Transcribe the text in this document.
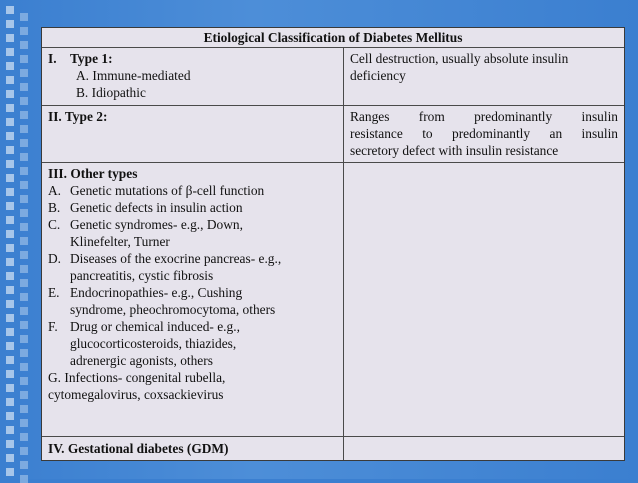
Etiological Classification of Diabetes Mellitus
I.	Type 1:
A. Immune-mediated
B. Idiopathic
Cell destruction, usually absolute insulin deficiency
II. Type 2:	Ranges from predominantly insulin
resistance to predominantly an insulin
secretory defect with insulin resistance
III. Other types
A. Genetic mutations of β-cell function
B. Genetic defects in insulin action
C. Genetic syndromes- e.g., Down,
Klinefelter, Turner
D. Diseases of the exocrine pancreas- e.g.,
pancreatitis, cystic fibrosis
E. Endocrinopathies- e.g., Cushing
syndrome, pheochromocytoma, others
F. Drug or chemical induced- e.g.,
glucocorticosteroids, thiazides,
adrenergic agonists, others
G. Infections- congenital rubella,
cytomegalovirus, coxsackievirus
IV. Gestational diabetes (GDM)
